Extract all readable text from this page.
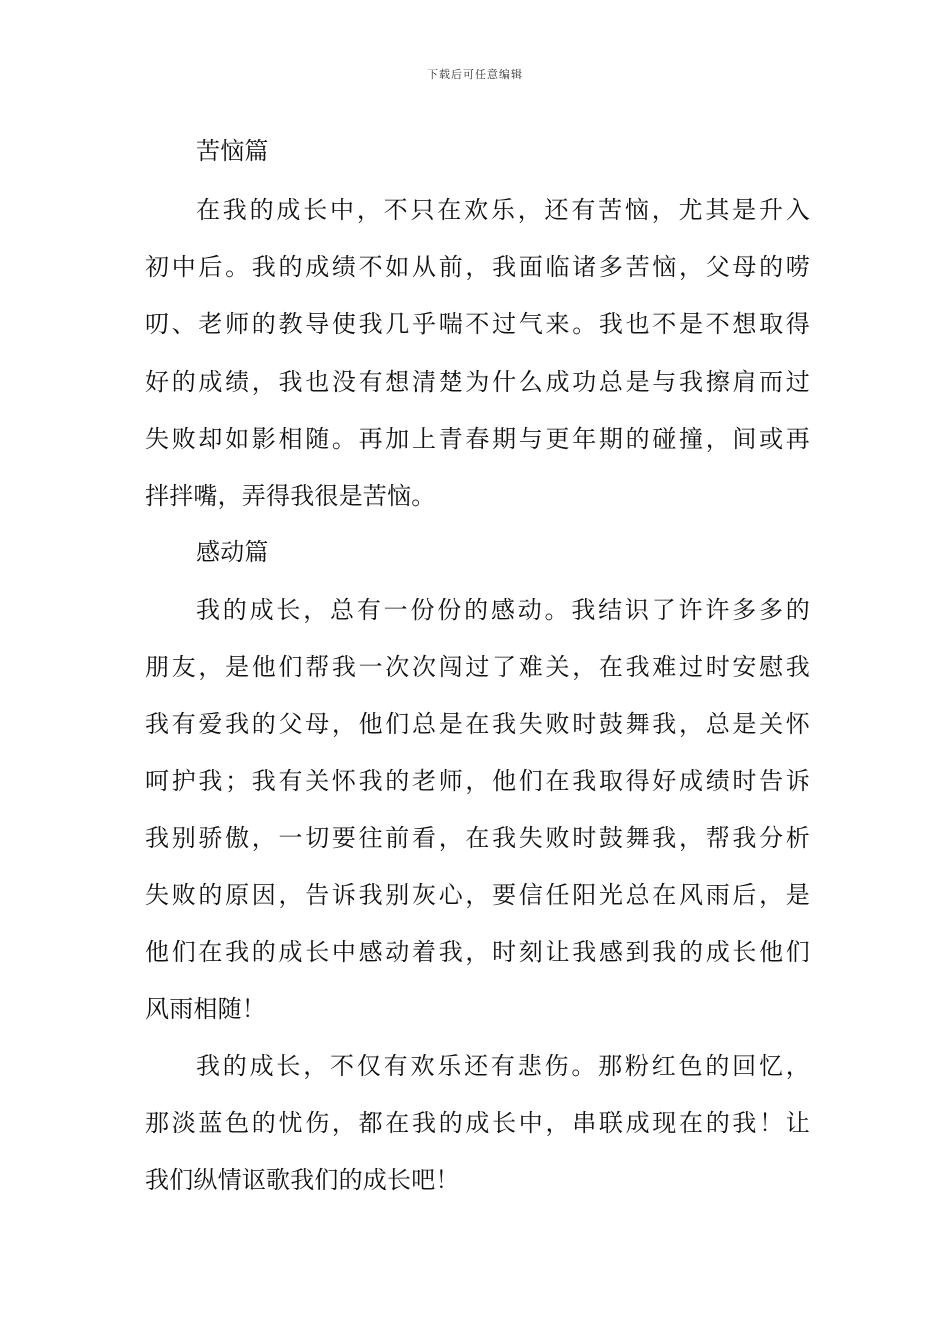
下载后可任意编辑
苦恼篇
在我的成长中，不只在欢乐，还有苦恼，尤其是升入
初中后。我的成绩不如从前，我面临诸多苦恼，父母的唠
叨、老师的教导使我几乎喘不过气来。我也不是不想取得
好的成绩，我也没有想清楚为什么成功总是与我擦肩而过
失败却如影相随。再加上青春期与更年期的碰撞，间或再
拌拌嘴，弄得我很是苦恼。
感动篇
我的成长，总有一份份的感动。我结识了许许多多的
朋友，是他们帮我一次次闯过了难关，在我难过时安慰我
我有爱我的父母，他们总是在我失败时鼓舞我，总是关怀
呵护我；我有关怀我的老师，他们在我取得好成绩时告诉
我别骄傲，一切要往前看，在我失败时鼓舞我，帮我分析
失败的原因，告诉我别灰心，要信任阳光总在风雨后，是
他们在我的成长中感动着我，时刻让我感到我的成长他们
风雨相随！
我的成长，不仅有欢乐还有悲伤。那粉红色的回忆，
那淡蓝色的忧伤，都在我的成长中，串联成现在的我！让
我们纵情讴歌我们的成长吧！
